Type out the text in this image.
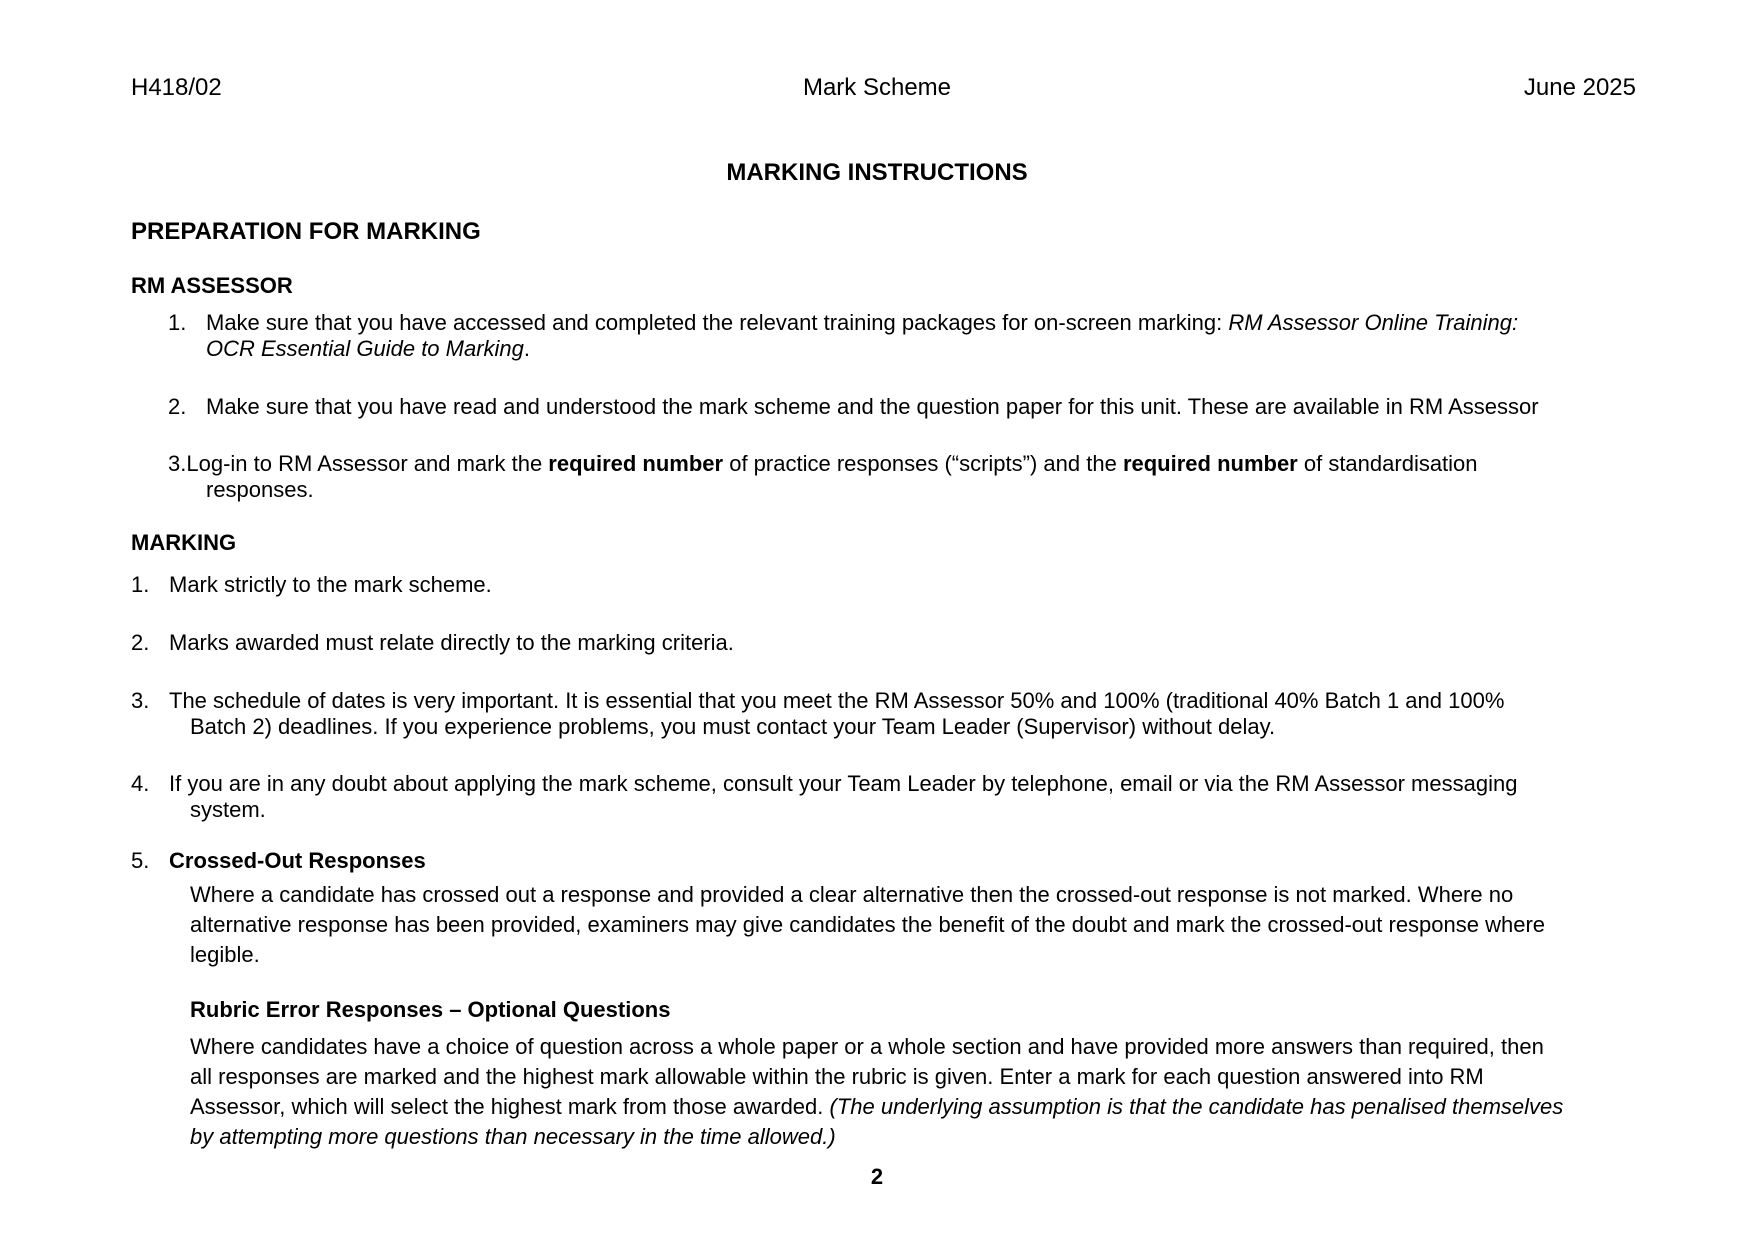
H418/02	Mark Scheme	June 2025
MARKING INSTRUCTIONS
PREPARATION FOR MARKING
RM ASSESSOR
1. Make sure that you have accessed and completed the relevant training packages for on-screen marking: RM Assessor Online Training:
OCR Essential Guide to Marking.
2. Make sure that you have read and understood the mark scheme and the question paper for this unit. These are available in RM Assessor
3.Log-in to RM Assessor and mark the required number of practice responses (“scripts”) and the required number of standardisation
responses.
MARKING
1. Mark strictly to the mark scheme.
2. Marks awarded must relate directly to the marking criteria.
3. The schedule of dates is very important. It is essential that you meet the RM Assessor 50% and 100% (traditional 40% Batch 1 and 100%
Batch 2) deadlines. If you experience problems, you must contact your Team Leader (Supervisor) without delay.
4. If you are in any doubt about applying the mark scheme, consult your Team Leader by telephone, email or via the RM Assessor messaging
system.
5. Crossed-Out Responses
Where a candidate has crossed out a response and provided a clear alternative then the crossed-out response is not marked. Where no
alternative response has been provided, examiners may give candidates the benefit of the doubt and mark the crossed-out response where
legible.
Rubric Error Responses – Optional Questions
Where candidates have a choice of question across a whole paper or a whole section and have provided more answers than required, then
all responses are marked and the highest mark allowable within the rubric is given. Enter a mark for each question answered into RM
Assessor, which will select the highest mark from those awarded. (The underlying assumption is that the candidate has penalised themselves
by attempting more questions than necessary in the time allowed.)
2
